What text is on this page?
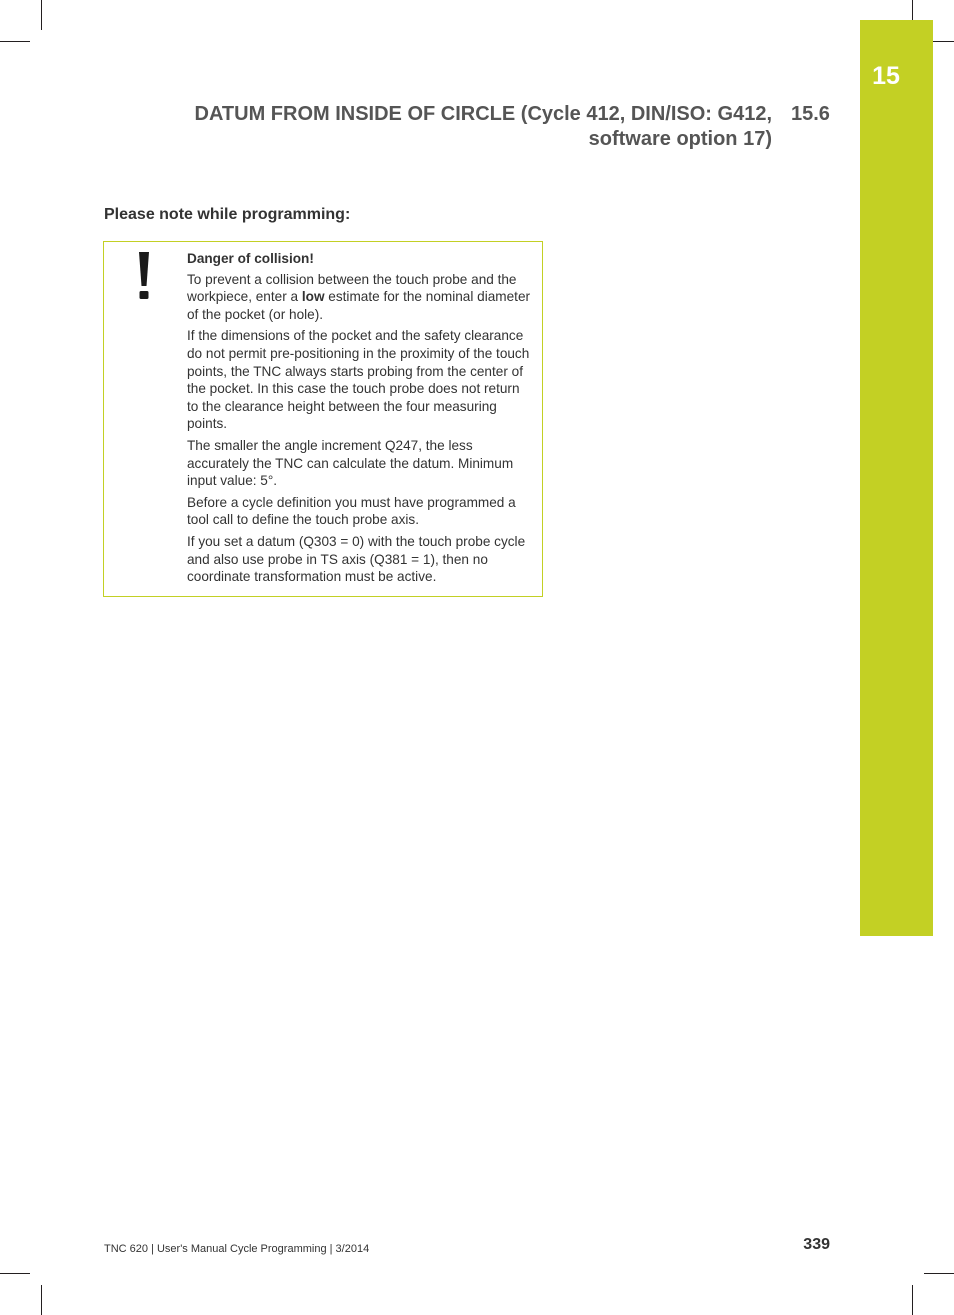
15
DATUM FROM INSIDE OF CIRCLE (Cycle 412, DIN/ISO: G412,
software option 17)
15.6
Please note while programming:

Danger of collision!

To prevent a collision between the touch probe and the workpiece, enter a low estimate for the nominal diameter of the pocket (or hole).

If the dimensions of the pocket and the safety clearance do not permit pre-positioning in the proximity of the touch points, the TNC always starts probing from the center of the pocket. In this case the touch probe does not return to the clearance height between the four measuring points.

The smaller the angle increment Q247, the less accurately the TNC can calculate the datum. Minimum input value: 5°.

Before a cycle definition you must have programmed a tool call to define the touch probe axis.

If you set a datum (Q303 = 0) with the touch probe cycle and also use probe in TS axis (Q381 = 1), then no coordinate transformation must be active.

TNC 620 | User's Manual Cycle Programming | 3/2014	339
